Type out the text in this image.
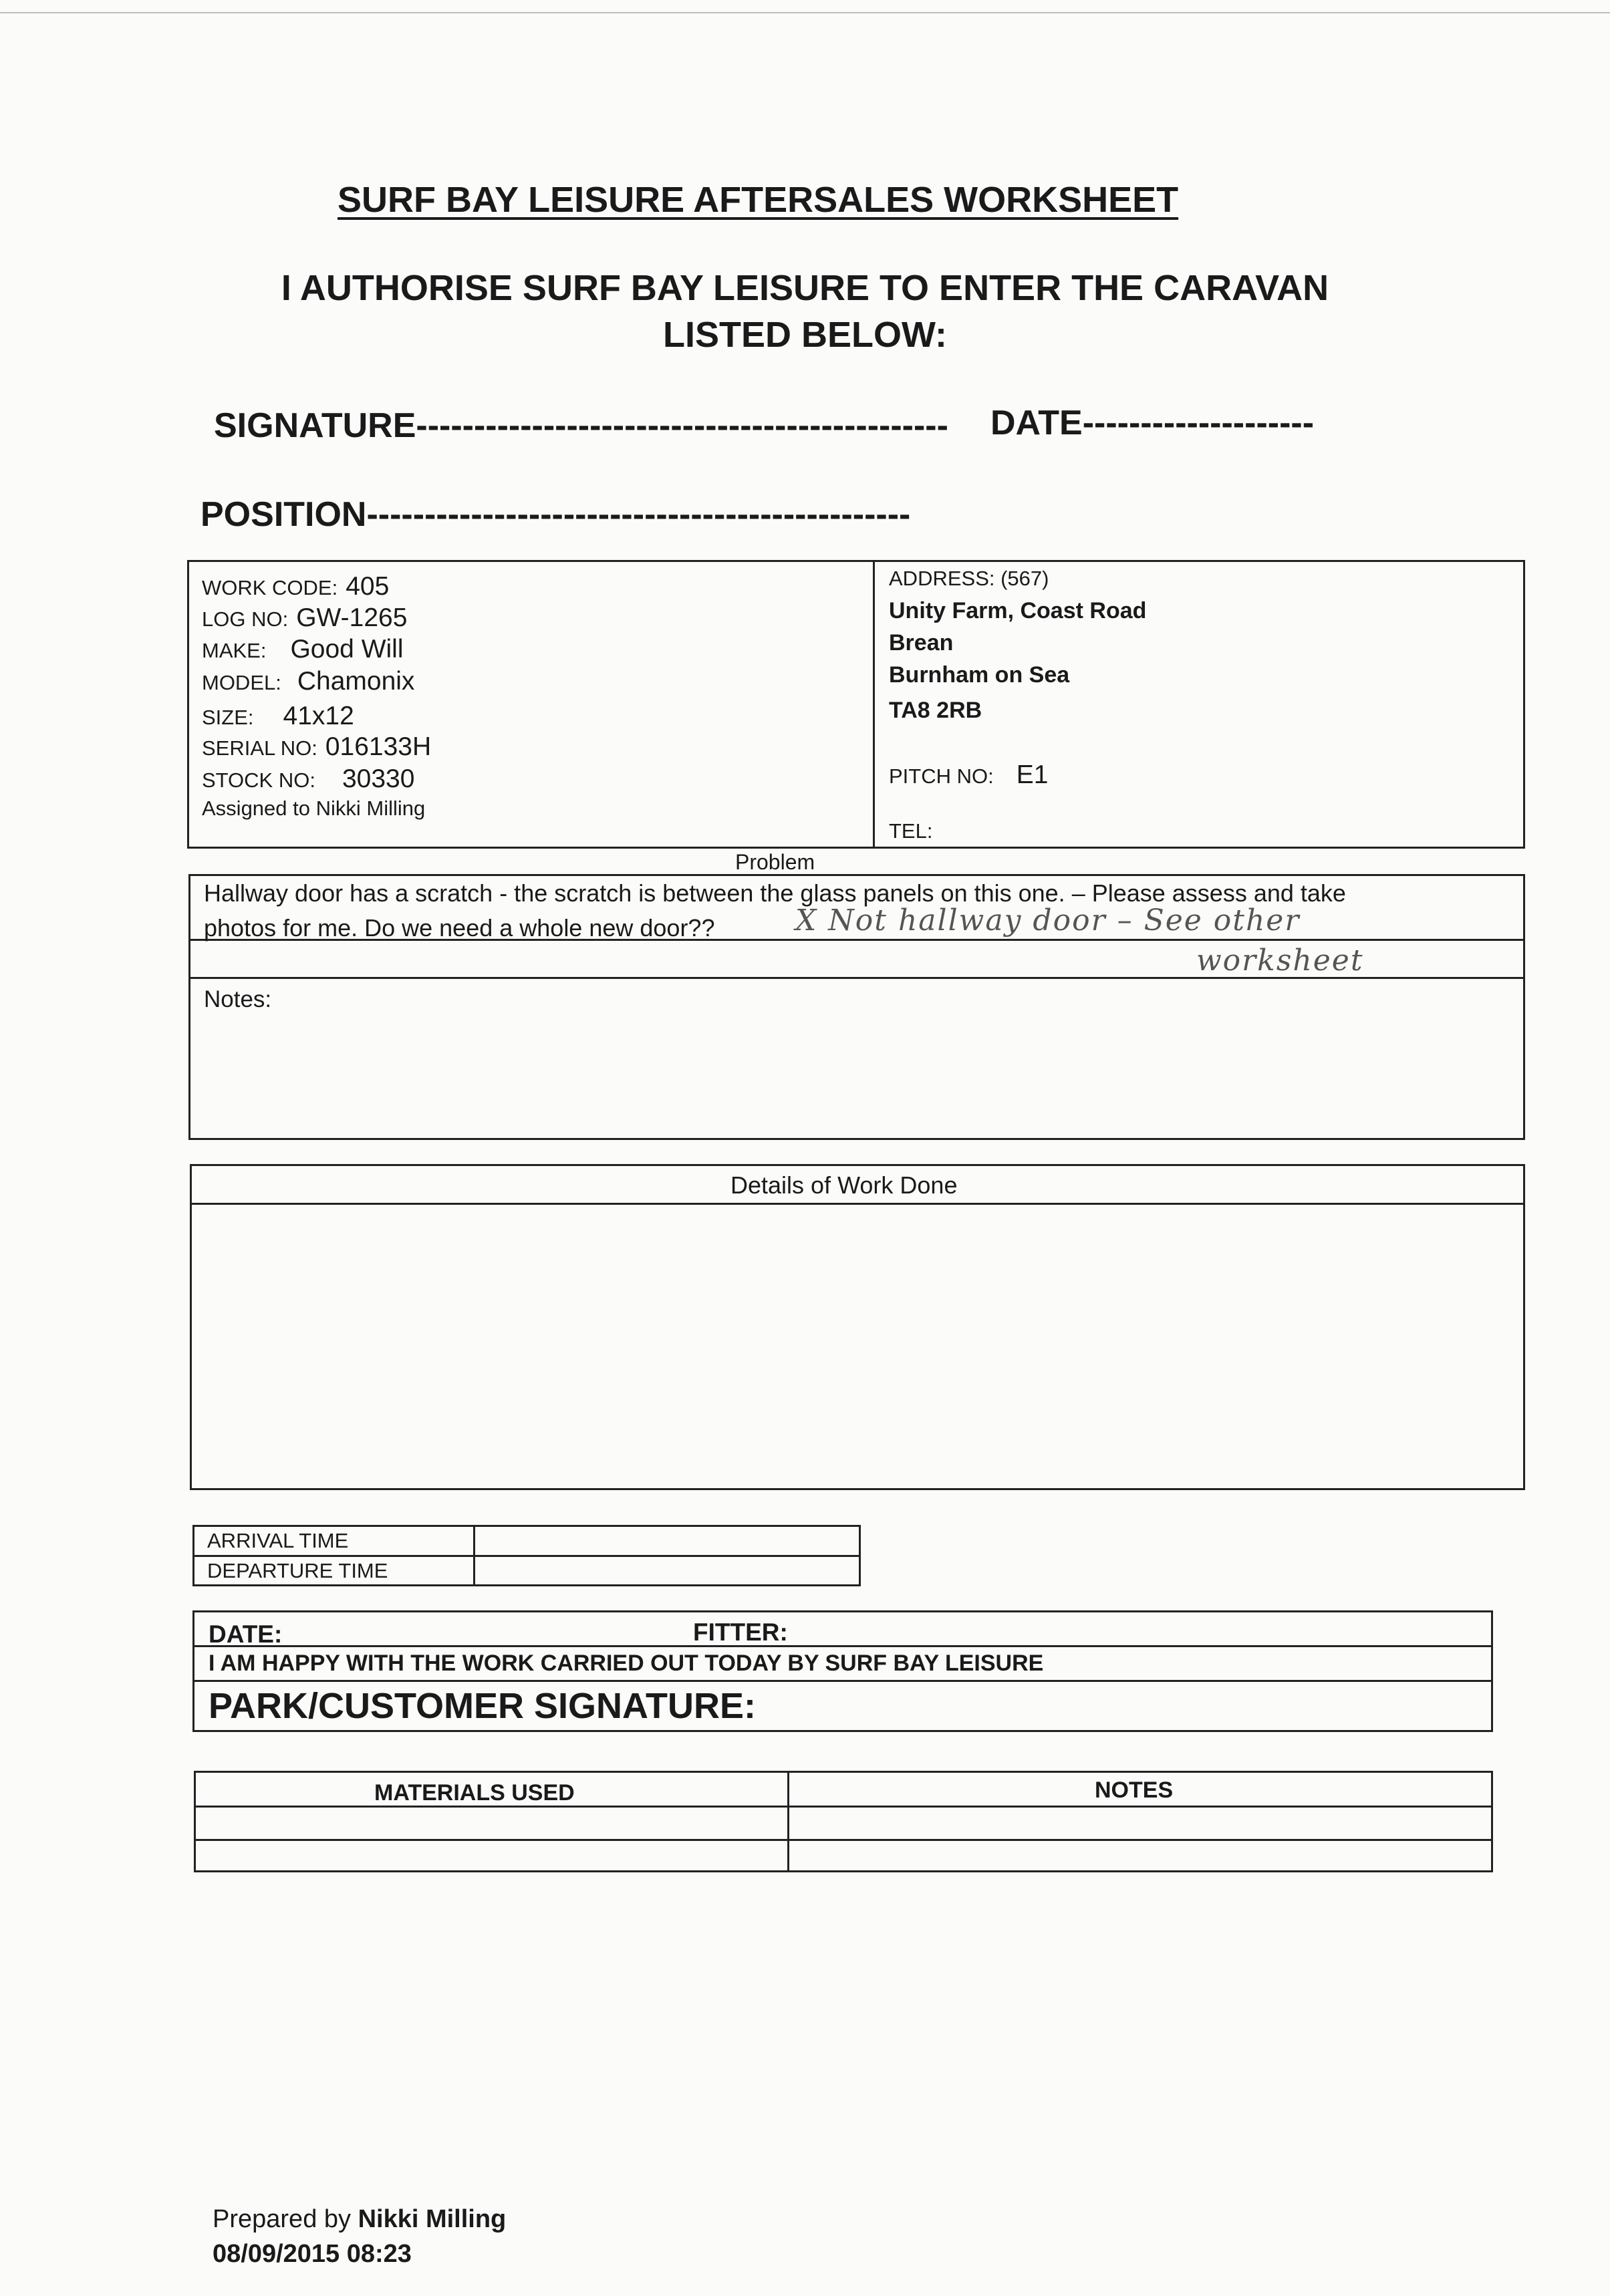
SURF BAY LEISURE AFTERSALES WORKSHEET
I AUTHORISE SURF BAY LEISURE TO ENTER THE CARAVAN
LISTED BELOW:
SIGNATURE---------------------------------------------- DATE--------------------
POSITION-----------------------------------------------
WORK CODE: 405
LOG NO: GW-1265
MAKE: Good Will
MODEL: Chamonix
SIZE: 41x12
SERIAL NO: 016133H
STOCK NO: 30330
Assigned to Nikki Milling
ADDRESS: (567)
Unity Farm, Coast Road
Brean
Burnham on Sea
TA8 2RB
PITCH NO: E1
TEL:
Problem
Hallway door has a scratch - the scratch is between the glass panels on this one. – Please assess and take
photos for me. Do we need a whole new door??	X Not hallway door – See other
worksheet
Notes:
Details of Work Done
ARRIVAL TIME
DEPARTURE TIME
DATE:	FITTER:
I AM HAPPY WITH THE WORK CARRIED OUT TODAY BY SURF BAY LEISURE
PARK/CUSTOMER SIGNATURE:
MATERIALS USED	NOTES
Prepared by Nikki Milling
08/09/2015 08:23
